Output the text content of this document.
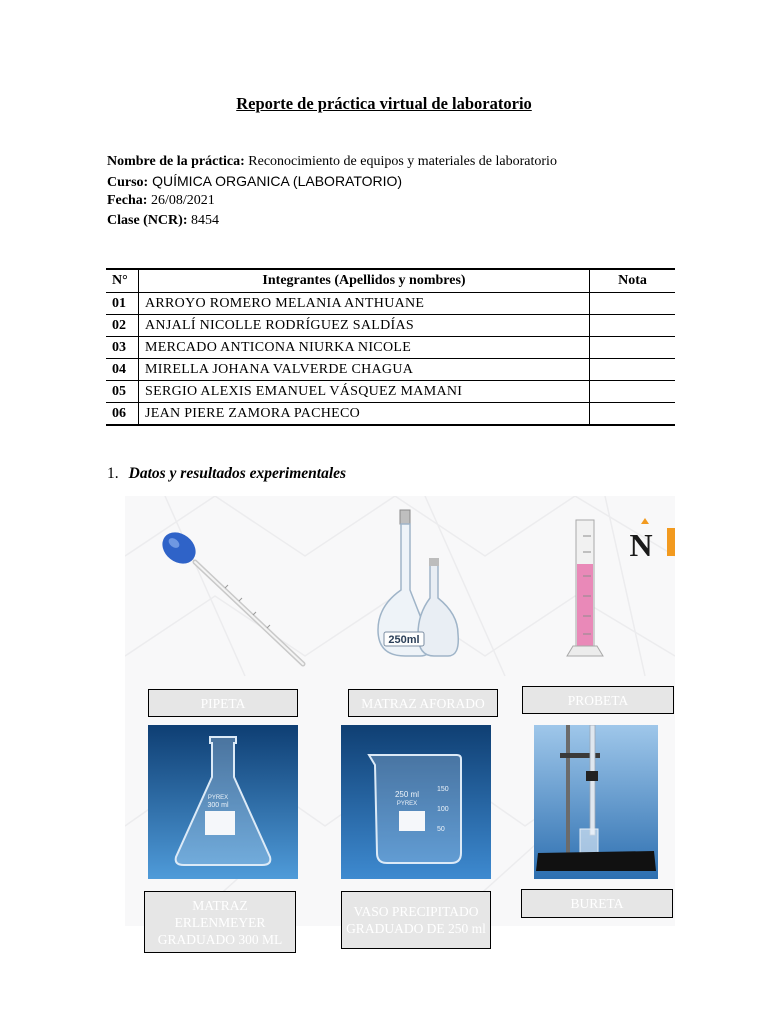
Reporte de práctica virtual de laboratorio
Nombre de la práctica: Reconocimiento de equipos y materiales de laboratorio
Curso: QUÍMICA ORGANICA (LABORATORIO)
Fecha: 26/08/2021
Clase (NCR): 8454
N°	Integrantes (Apellidos y nombres)	Nota
01	ARROYO ROMERO MELANIA ANTHUANE	
02	ANJALÍ NICOLLE RODRÍGUEZ SALDÍAS	
03	MERCADO ANTICONA NIURKA NICOLE	
04	MIRELLA JOHANA VALVERDE CHAGUA	
05	SERGIO ALEXIS EMANUEL VÁSQUEZ MAMANI	
06	JEAN PIERE ZAMORA PACHECO	
1. Datos y resultados experimentales
250ml
N
300 ml
PYREX	250 ml
PYREX
150
100
50
PIPETA	MATRAZ AFORADO	PROBETA
MATRAZ ERLENMEYER GRADUADO 300 ML
VASO PRECIPITADO GRADUADO DE 250 ml
BURETA
